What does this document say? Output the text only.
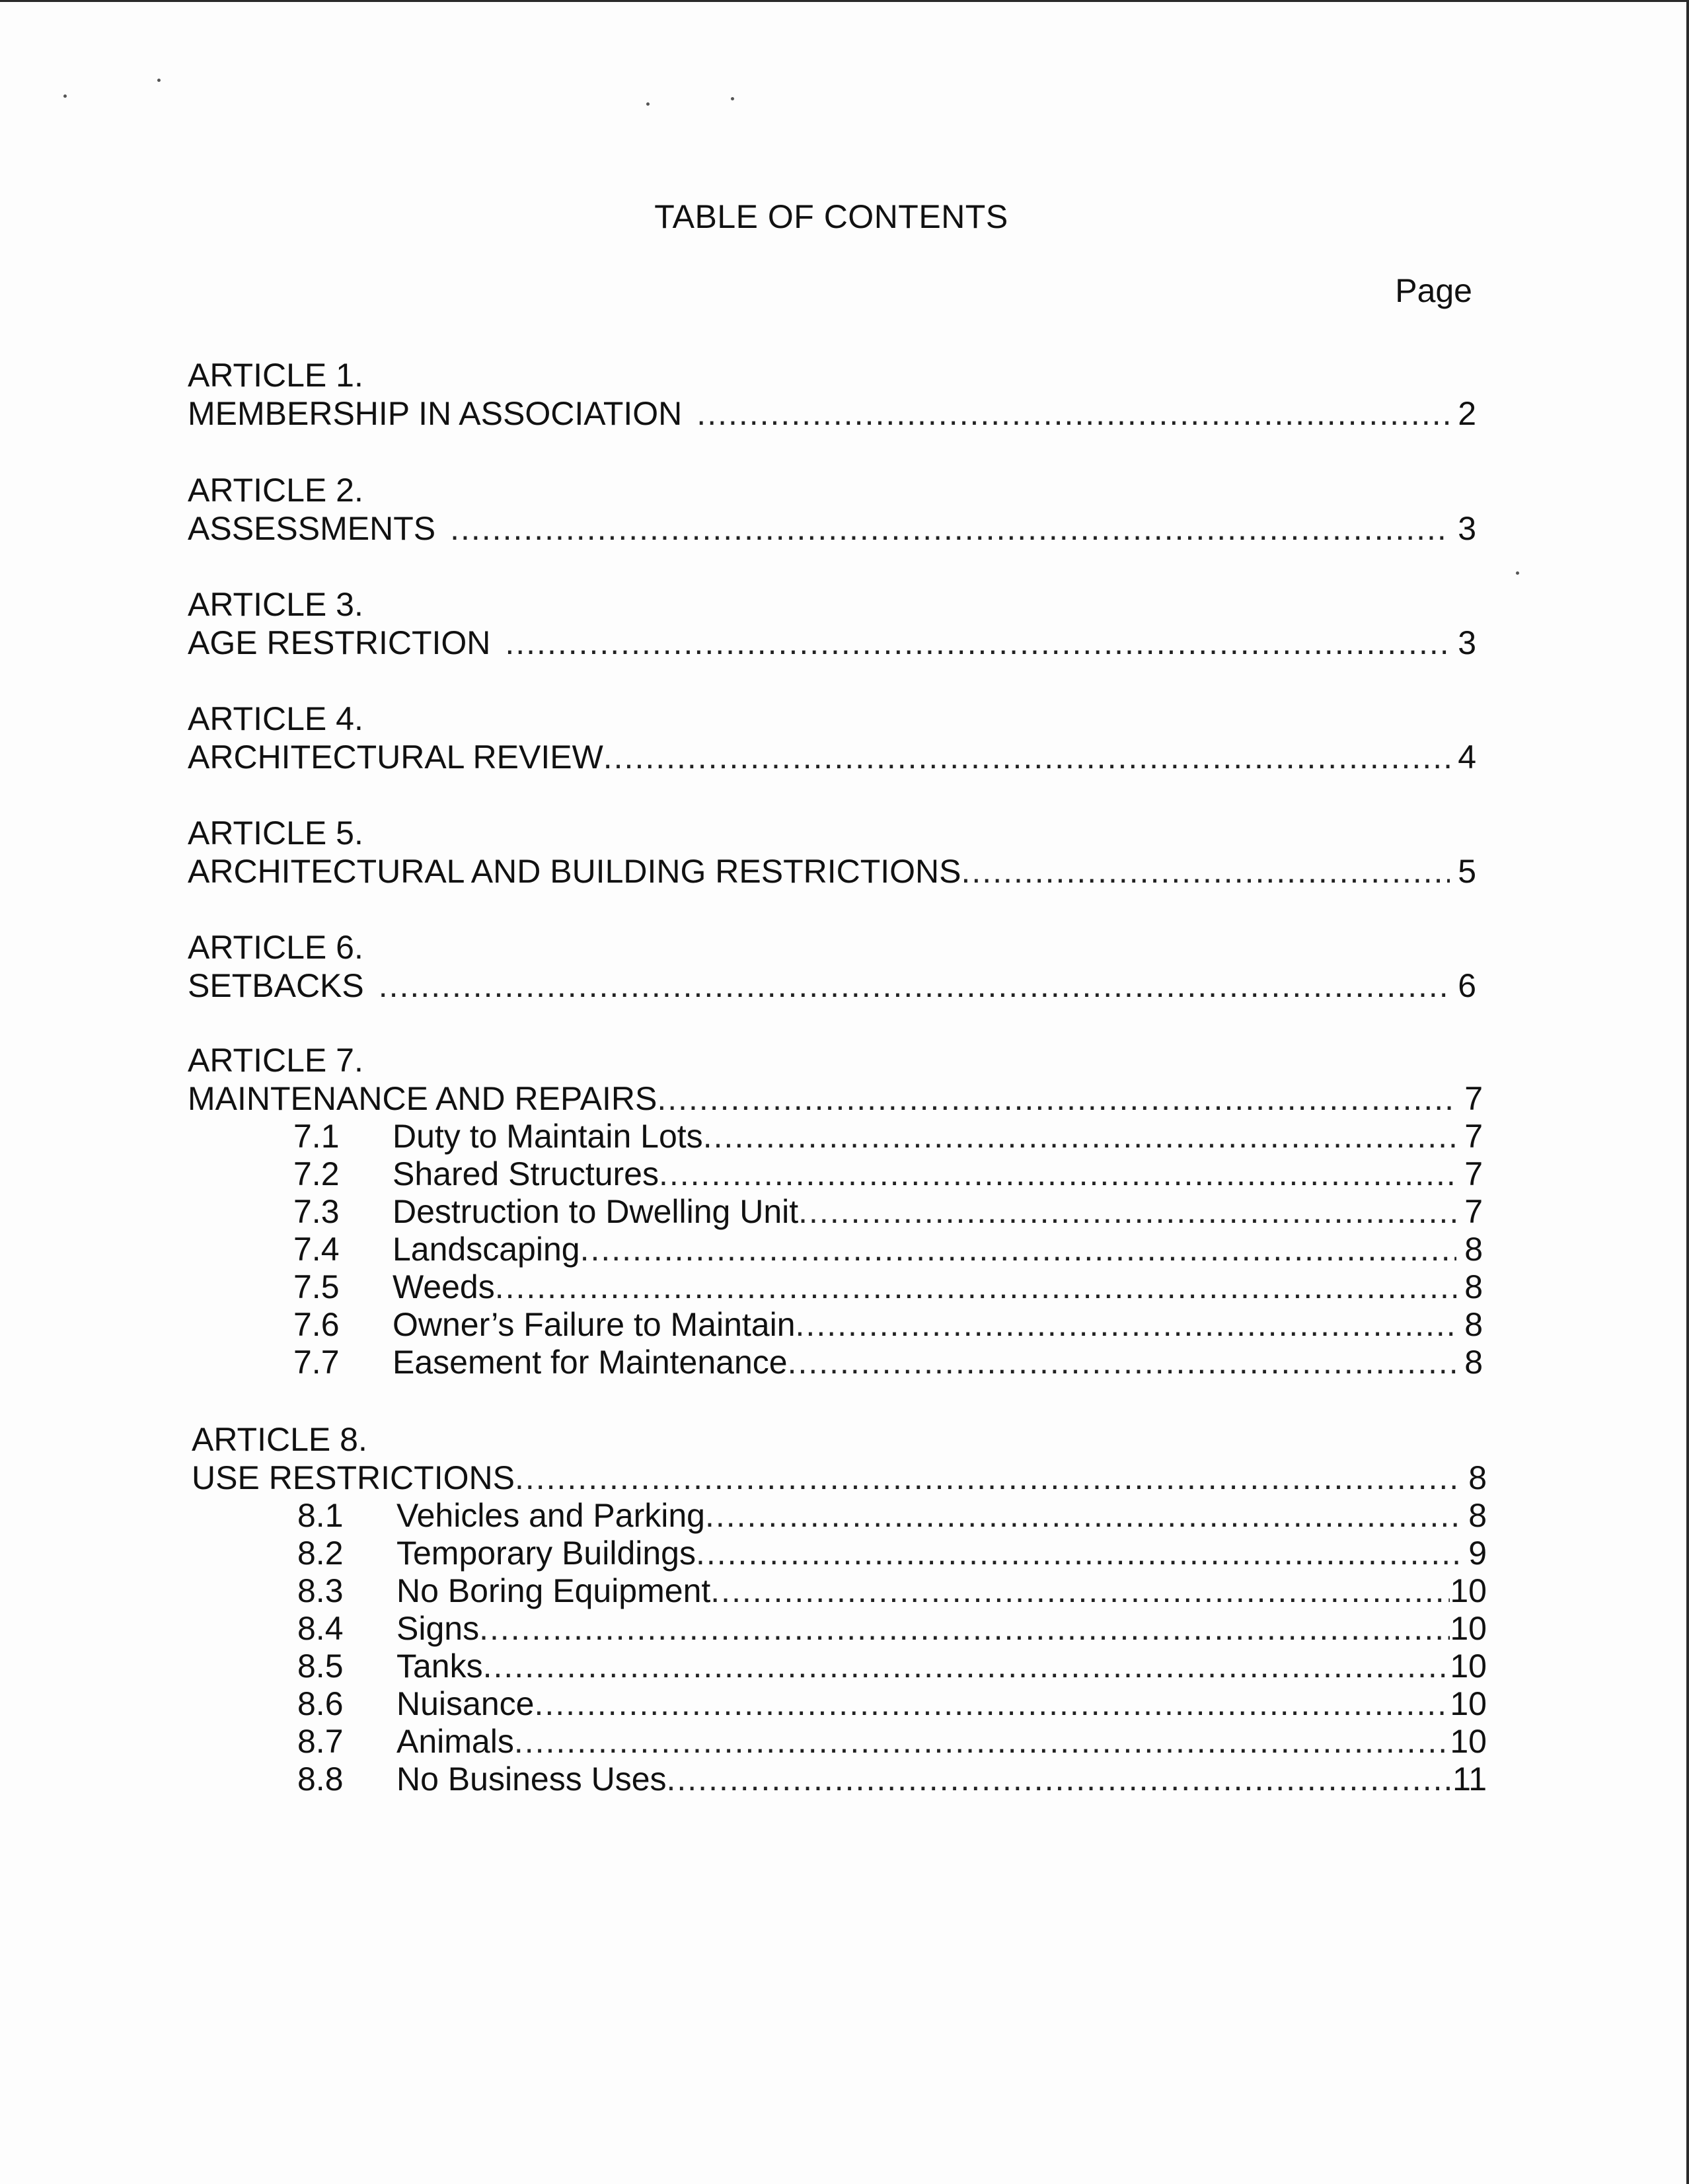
TABLE OF CONTENTS
Page
ARTICLE 1.
MEMBERSHIP IN ASSOCIATION .....	2
ARTICLE 2.
ASSESSMENTS .....	3
ARTICLE 3.
AGE RESTRICTION .....	3
ARTICLE 4.
ARCHITECTURAL REVIEW .....	4
ARTICLE 5.
ARCHITECTURAL AND BUILDING RESTRICTIONS .....	5
ARTICLE 6.
SETBACKS .....	6
ARTICLE 7.
MAINTENANCE AND REPAIRS .....	7
7.1	Duty to Maintain Lots .....	7
7.2	Shared Structures .....	7
7.3	Destruction to Dwelling Unit .....	7
7.4	Landscaping .....	8
7.5	Weeds .....	8
7.6	Owner’s Failure to Maintain .....	8
7.7	Easement for Maintenance .....	8
ARTICLE 8.
USE RESTRICTIONS .....	8
8.1	Vehicles and Parking .....	8
8.2	Temporary Buildings .....	9
8.3	No Boring Equipment .....	10
8.4	Signs .....	10
8.5	Tanks .....	10
8.6	Nuisance .....	10
8.7	Animals .....	10
8.8	No Business Uses .....	11
